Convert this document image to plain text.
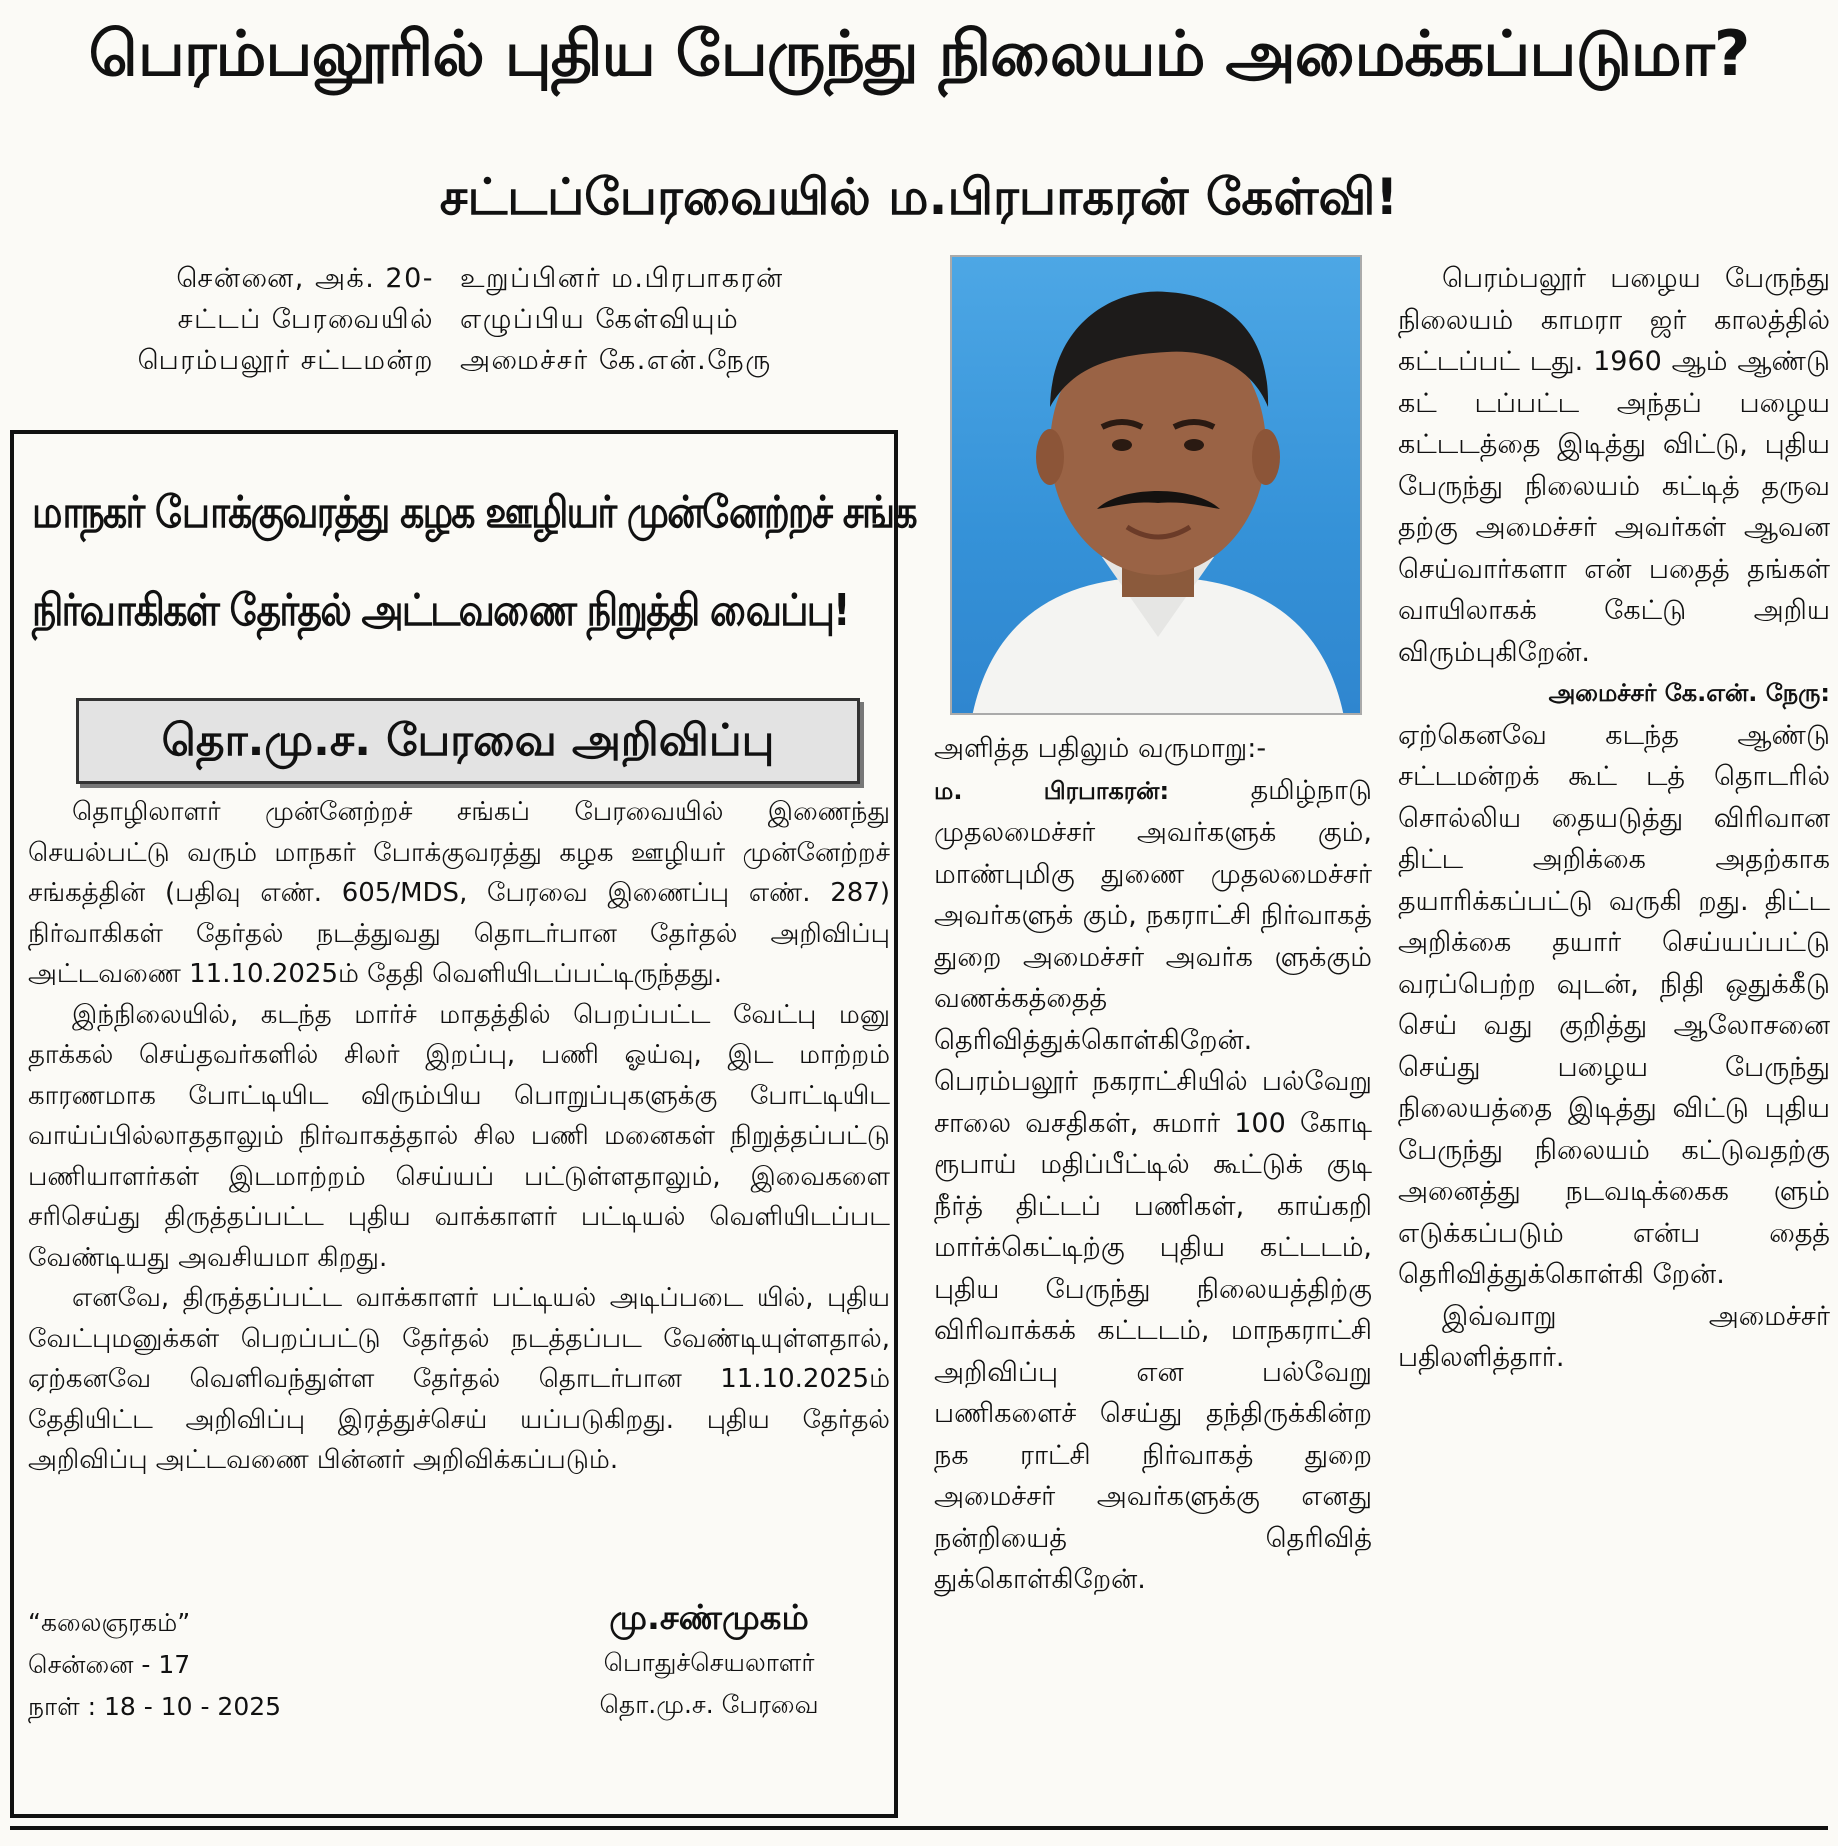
பெரம்பலூரில் புதிய பேருந்து நிலையம் அமைக்கப்படுமா?
சட்டப்பேரவையில் ம.பிரபாகரன் கேள்வி!
சென்னை, அக். 20-
சட்டப் பேரவையில்
பெரம்பலூர் சட்டமன்ற
உறுப்பினர் ம.பிரபாகரன்
எழுப்பிய கேள்வியும்
அமைச்சர் கே.என்.நேரு
மாநகர் போக்குவரத்து கழக ஊழியர் முன்னேற்றச் சங்க
நிர்வாகிகள் தேர்தல் அட்டவணை நிறுத்தி வைப்பு!
தொ.மு.ச. பேரவை அறிவிப்பு

தொழிலாளர் முன்னேற்றச் சங்கப் பேரவையில் இணைந்து செயல்பட்டு வரும் மாநகர் போக்குவரத்து கழக ஊழியர் முன்னேற்றச் சங்கத்தின் (பதிவு எண். 605/MDS, பேரவை இணைப்பு எண். 287) நிர்வாகிகள் தேர்தல் நடத்துவது தொடர்பான தேர்தல் அறிவிப்பு அட்டவணை 11.10.2025ம் தேதி வெளியிடப்பட்டிருந்தது.

இந்நிலையில், கடந்த மார்ச் மாதத்தில் பெறப்பட்ட வேட்பு மனு தாக்கல் செய்தவர்களில் சிலர் இறப்பு, பணி ஓய்வு, இட மாற்றம் காரணமாக போட்டியிட விரும்பிய பொறுப்புகளுக்கு போட்டியிட வாய்ப்பில்லாததாலும் நிர்வாகத்தால் சில பணி மனைகள் நிறுத்தப்பட்டு பணியாளர்கள் இடமாற்றம் செய்யப் பட்டுள்ளதாலும், இவைகளை சரிசெய்து திருத்தப்பட்ட புதிய வாக்காளர் பட்டியல் வெளியிடப்பட வேண்டியது அவசியமா கிறது.

எனவே, திருத்தப்பட்ட வாக்காளர் பட்டியல் அடிப்படை யில், புதிய வேட்புமனுக்கள் பெறப்பட்டு தேர்தல் நடத்தப்பட வேண்டியுள்ளதால், ஏற்கனவே வெளிவந்துள்ள தேர்தல் தொடர்பான 11.10.2025ம் தேதியிட்ட அறிவிப்பு இரத்துச்செய் யப்படுகிறது. புதிய தேர்தல் அறிவிப்பு அட்டவணை பின்னர் அறிவிக்கப்படும்.

“கலைஞரகம்”
சென்னை - 17
நாள் : 18 - 10 - 2025
மு.சண்முகம்
பொதுச்செயலாளர்
தொ.மு.ச. பேரவை

அளித்த பதிலும் வருமாறு:-

ம. பிரபாகரன்:	தமிழ்நாடு முதலமைச்சர் அவர்களுக் கும், மாண்புமிகு துணை முதலமைச்சர் அவர்களுக் கும், நகராட்சி நிர்வாகத் துறை அமைச்சர் அவர்க ளுக்கும் வணக்கத்தைத் தெரிவித்துக்கொள்கிறேன். பெரம்பலூர் நகராட்சியில் பல்வேறு சாலை வசதிகள், சுமார் 100 கோடி ரூபாய் மதிப்பீட்டில் கூட்டுக் குடி நீர்த் திட்டப் பணிகள், காய்கறி மார்க்கெட்டிற்கு புதிய கட்டடம், புதிய பேருந்து நிலையத்திற்கு விரிவாக்கக் கட்டடம், மாநகராட்சி அறிவிப்பு என பல்வேறு பணிகளைச் செய்து தந்திருக்கின்ற நக ராட்சி நிர்வாகத் துறை அமைச்சர் அவர்களுக்கு எனது நன்றியைத் தெரிவித் துக்கொள்கிறேன்.

பெரம்பலூர் பழைய பேருந்து நிலையம் காமரா ஜர் காலத்தில் கட்டப்பட் டது. 1960 ஆம் ஆண்டு கட் டப்பட்ட அந்தப் பழைய கட்டடத்தை இடித்து விட்டு, புதிய பேருந்து நிலையம் கட்டித் தருவ தற்கு அமைச்சர் அவர்கள் ஆவன செய்வார்களா என் பதைத் தங்கள் வாயிலாகக் கேட்டு அறிய விரும்புகிறேன்.

அமைச்சர் கே.என். நேரு:

ஏற்கெனவே கடந்த ஆண்டு சட்டமன்றக் கூட் டத் தொடரில் சொல்லிய தையடுத்து விரிவான திட்ட அறிக்கை அதற்காக தயாரிக்கப்பட்டு வருகி றது. திட்ட அறிக்கை தயார் செய்யப்பட்டு வரப்பெற்ற வுடன், நிதி ஒதுக்கீடு செய் வது குறித்து ஆலோசனை செய்து பழைய பேருந்து நிலையத்தை இடித்து விட்டு புதிய பேருந்து நிலையம் கட்டுவதற்கு அனைத்து நடவடிக்கைக ளும் எடுக்கப்படும் என்ப தைத் தெரிவித்துக்கொள்கி றேன்.

இவ்வாறு அமைச்சர் பதிலளித்தார்.
